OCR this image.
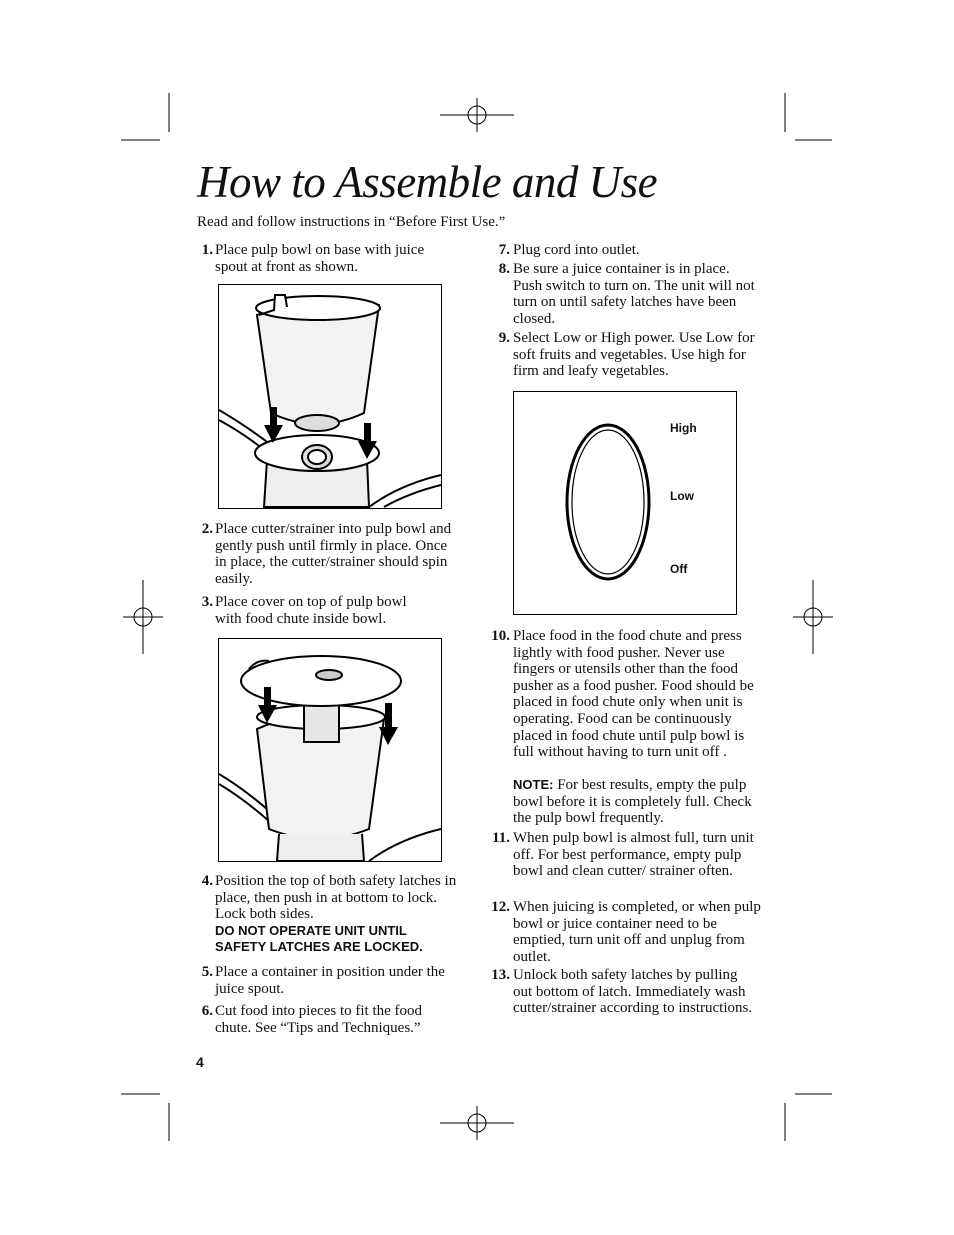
How to Assemble and Use
Read and follow instructions in “Before First Use.”
1. Place pulp bowl on base with juice spout at front as shown.
2. Place cutter/strainer into pulp bowl and gently push until firmly in place. Once in place, the cutter/strainer should spin easily.
3. Place cover on top of pulp bowl with food chute inside bowl.
4. Position the top of both safety latches in place, then push in at bottom to lock. Lock both sides.
DO NOT OPERATE UNIT UNTIL SAFETY LATCHES ARE LOCKED.
5. Place a container in position under the juice spout.
6. Cut food into pieces to fit the food chute. See “Tips and Techniques.”
7. Plug cord into outlet.
8. Be sure a juice container is in place. Push switch to turn on. The unit will not turn on until safety latches have been closed.
9. Select Low or High power. Use Low for soft fruits and vegetables. Use high for firm and leafy vegetables.
High
Low
Off
10. Place food in the food chute and press lightly with food pusher. Never use fingers or utensils other than the food pusher as a food pusher. Food should be placed in food chute only when unit is operating. Food can be continuously placed in food chute until pulp bowl is full without having to turn unit off .
NOTE: For best results, empty the pulp bowl before it is completely full. Check the pulp bowl frequently.
11. When pulp bowl is almost full, turn unit off. For best performance, empty pulp bowl and clean cutter/ strainer often.
12. When juicing is completed, or when pulp bowl or juice container need to be emptied, turn unit off and unplug from outlet.
13. Unlock both safety latches by pulling out bottom of latch. Immediately wash cutter/strainer according to instructions.
4
